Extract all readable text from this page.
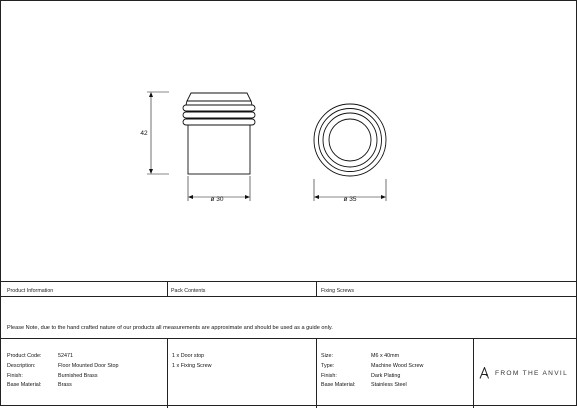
42
ø 30	ø 35
Product Information	Pack Contents	Fixing Screws
Please Note, due to the hand crafted nature of our products all measurements are approximate and should be used as a guide only.
Product Code:	52471
Description:	Floor Mounted Door Stop
Finish:	Burnished Brass
Base Material:	Brass
1 x Door stop
1 x Fixing Screw
Size:	M6 x 40mm
Type:	Machine Wood Screw
Finish:	Dark Plating
Base Material:	Stainless Steel
FROM THE ANVIL
